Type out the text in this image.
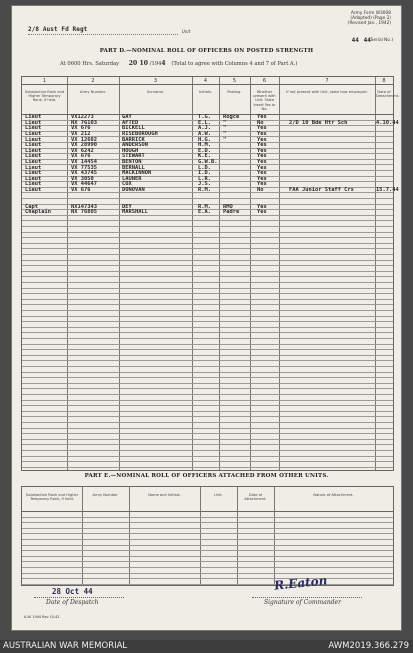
Army Form W3008
(Adapted) (Page 2)
(Revised Jan., 1942)
44 44
(Serial No.)
2/8 Aust Fd Regt	Unit
PART D.—NOMINAL ROLL OF OFFICERS ON POSTED STRENGTH
At 0600 Hrs. Saturday 20 10 /1944 (Total to agree with Columns 4 and 7 of Part A.)
1	2	3	4	5	6	7	8
Substantive Rank and Higher Temporary Rank, if held.
Army Number.	Surname.	Initials.	Posting.	Whether present with Unit. State Insert Yes or No.
If not present with Unit, state how employed.	Date of Detachment.
Lieut	VX12273	GAY	T.G. Rogce	Yes
Lieut	NX 76103	AFTED	E.L. "	No	2/D 10 Bde Htr Sch	4.10.44
Lieut	VX 676	BICKELL	A.J. "	Yes
Lieut	VX 212	RISEBOROUGH	A.W. "	Yes
Lieut	VX 12602	BARRICK	H.G. "	Yes
Lieut	VX 28990	ANDERSON	H.M.	Yes
Lieut	VX 6242	HOUGH	E.D.	Yes
Lieut	VX 676	STEWART	K.E.	Yes
Lieut	VX 14454	BENTON	G.W.B.	Yes
Lieut	VX 77535	BERNALL	L.D.	Yes
Lieut	VX 43745	MACKINNON	I.D.	Yes
Lieut	VX 3050	LAUNER	L.R.	Yes
Lieut	VX 44647	COX	J.S.	Yes
Lieut	VX 676	DONOVAN	R.M.	No	FAA Junior Staff Crs	15.7.44
Capt	NX147343	DEY	R.M. RMO	Yes
Chaplain	NX 76805	MARSHALL	E.A. Padre	Yes
PART E.—NOMINAL ROLL OF OFFICERS ATTACHED FROM OTHER UNITS.
Substantive Rank and Higher Temporary Rank, if held.
Army Number.	Name and Initials.	Unit.	Date of Attachment.
Nature of Attachment.
28 Oct 44
Date of Despatch
R.Eaton
Signature of Commander
A.W. 1944 Rev 10-42
AUSTRALIAN WAR MEMORIAL	AWM2019.366.279
